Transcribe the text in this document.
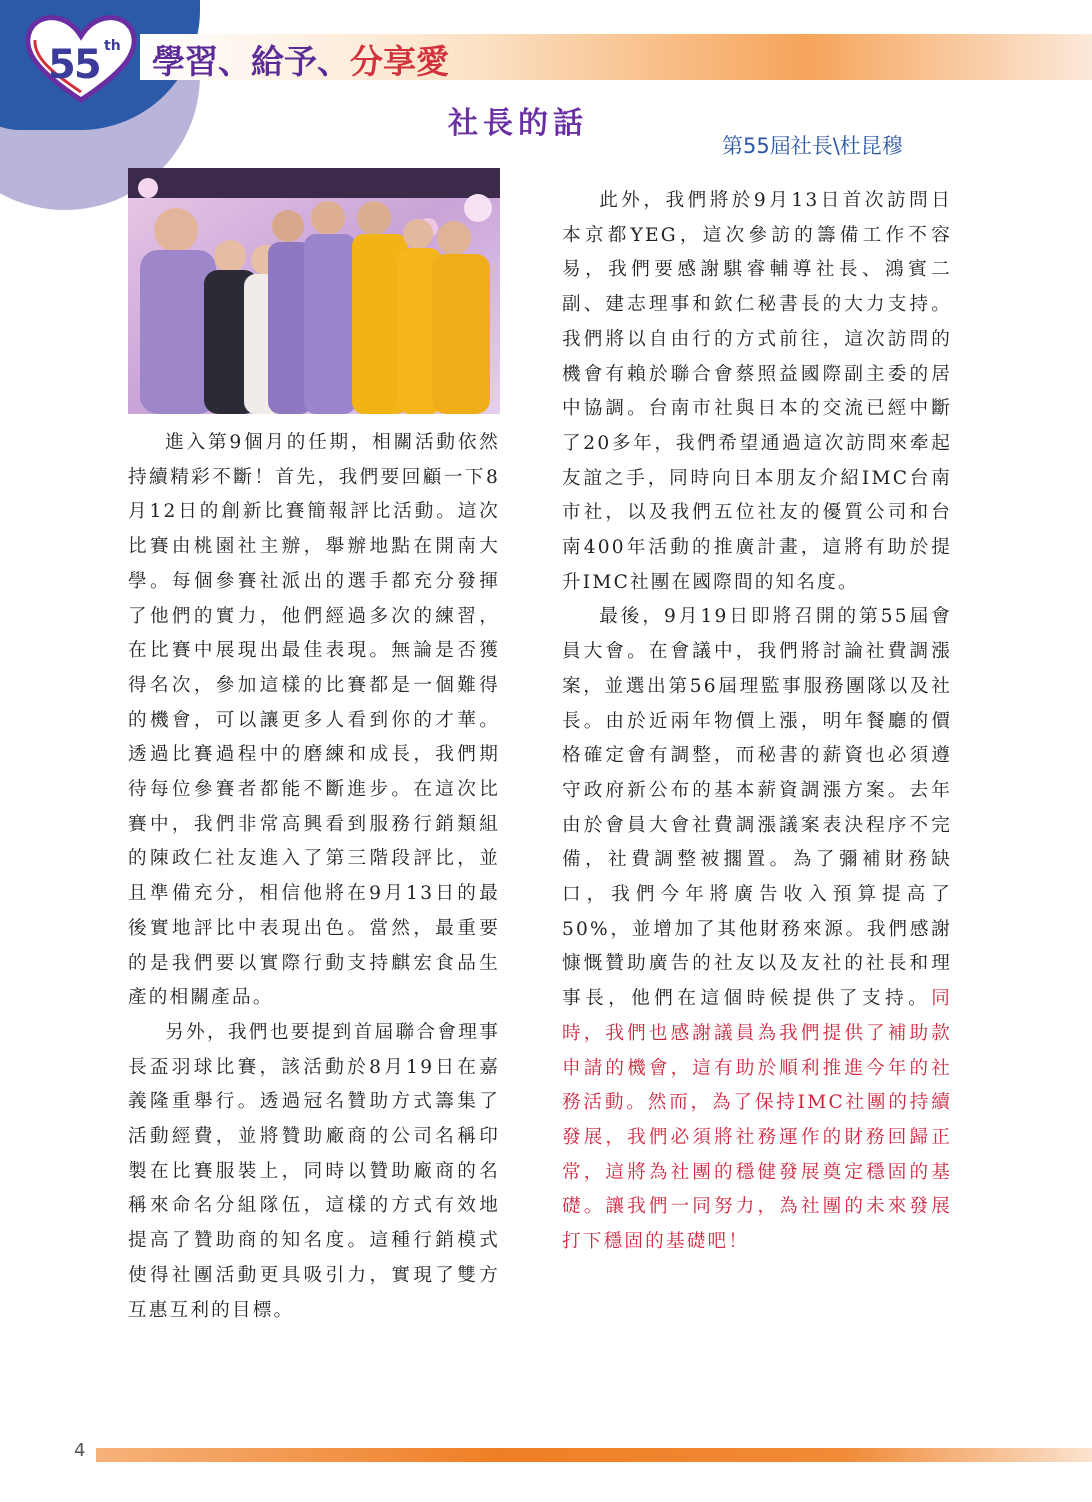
55 th 學習、給予、分享愛
社長的話
第55屆社長\杜昆穆

進入第9個月的任期，相關活動依然持續精彩不斷！首先，我們要回顧一下8月12日的創新比賽簡報評比活動。這次比賽由桃園社主辦，舉辦地點在開南大學。每個參賽社派出的選手都充分發揮了他們的實力，他們經過多次的練習，在比賽中展現出最佳表現。無論是否獲得名次，參加這樣的比賽都是一個難得的機會，可以讓更多人看到你的才華。透過比賽過程中的磨練和成長，我們期待每位參賽者都能不斷進步。在這次比賽中，我們非常高興看到服務行銷類組的陳政仁社友進入了第三階段評比，並且準備充分，相信他將在9月13日的最後實地評比中表現出色。當然，最重要的是我們要以實際行動支持麒宏食品生產的相關產品。

另外，我們也要提到首屆聯合會理事長盃羽球比賽，該活動於8月19日在嘉義隆重舉行。透過冠名贊助方式籌集了活動經費，並將贊助廠商的公司名稱印製在比賽服裝上，同時以贊助廠商的名稱來命名分組隊伍，這樣的方式有效地提高了贊助商的知名度。這種行銷模式使得社團活動更具吸引力，實現了雙方互惠互利的目標。

此外，我們將於9月13日首次訪問日本京都YEG，這次參訪的籌備工作不容易，我們要感謝騏睿輔導社長、鴻賓二副、建志理事和欽仁秘書長的大力支持。我們將以自由行的方式前往，這次訪問的機會有賴於聯合會蔡照益國際副主委的居中協調。台南市社與日本的交流已經中斷了20多年，我們希望通過這次訪問來牽起友誼之手，同時向日本朋友介紹IMC台南市社，以及我們五位社友的優質公司和台南400年活動的推廣計畫，這將有助於提升IMC社團在國際間的知名度。

最後，9月19日即將召開的第55屆會員大會。在會議中，我們將討論社費調漲案，並選出第56屆理監事服務團隊以及社長。由於近兩年物價上漲，明年餐廳的價格確定會有調整，而秘書的薪資也必須遵守政府新公布的基本薪資調漲方案。去年由於會員大會社費調漲議案表決程序不完備，社費調整被擱置。為了彌補財務缺口，我們今年將廣告收入預算提高了50%，並增加了其他財務來源。我們感謝慷慨贊助廣告的社友以及友社的社長和理事長，他們在這個時候提供了支持。同時，我們也感謝議員為我們提供了補助款申請的機會，這有助於順利推進今年的社務活動。然而，為了保持IMC社團的持續發展，我們必須將社務運作的財務回歸正常，這將為社團的穩健發展奠定穩固的基礎。讓我們一同努力，為社團的未來發展打下穩固的基礎吧！

4
